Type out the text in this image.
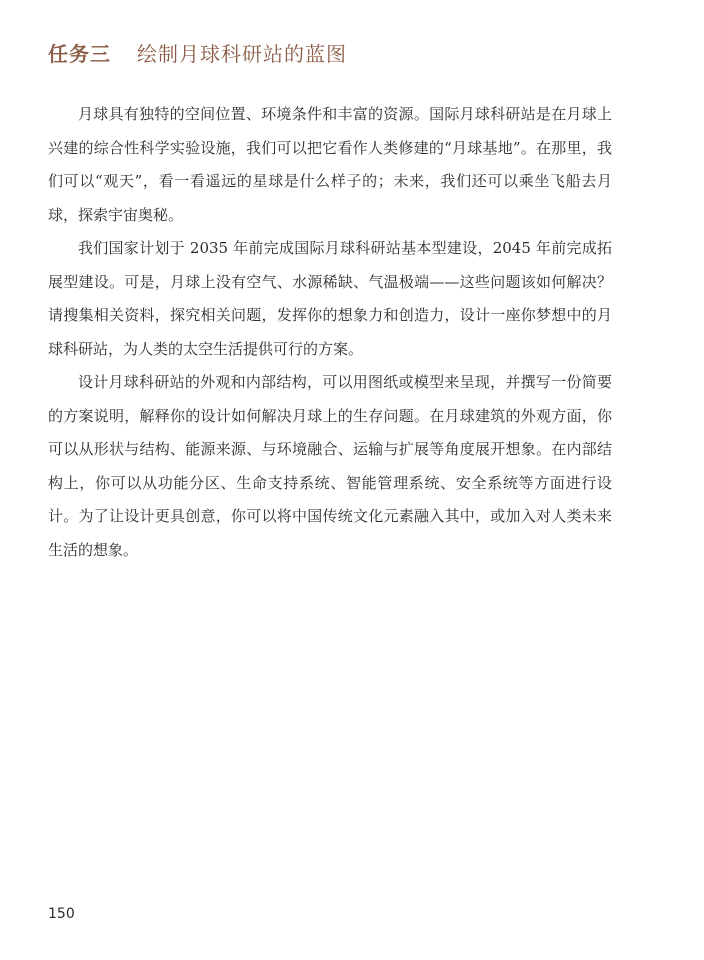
任务三 绘制月球科研站的蓝图

月球具有独特的空间位置、环境条件和丰富的资源。国际月球科研站是在月球上兴建的综合性科学实验设施，我们可以把它看作人类修建的“月球基地”。在那里，我们可以“观天”，看一看遥远的星球是什么样子的；未来，我们还可以乘坐飞船去月球，探索宇宙奥秘。

我们国家计划于 2035 年前完成国际月球科研站基本型建设，2045 年前完成拓展型建设。可是，月球上没有空气、水源稀缺、气温极端——这些问题该如何解决？请搜集相关资料，探究相关问题，发挥你的想象力和创造力，设计一座你梦想中的月球科研站，为人类的太空生活提供可行的方案。

设计月球科研站的外观和内部结构，可以用图纸或模型来呈现，并撰写一份简要的方案说明，解释你的设计如何解决月球上的生存问题。在月球建筑的外观方面，你可以从形状与结构、能源来源、与环境融合、运输与扩展等角度展开想象。在内部结构上，你可以从功能分区、生命支持系统、智能管理系统、安全系统等方面进行设计。为了让设计更具创意，你可以将中国传统文化元素融入其中，或加入对人类未来生活的想象。

150
